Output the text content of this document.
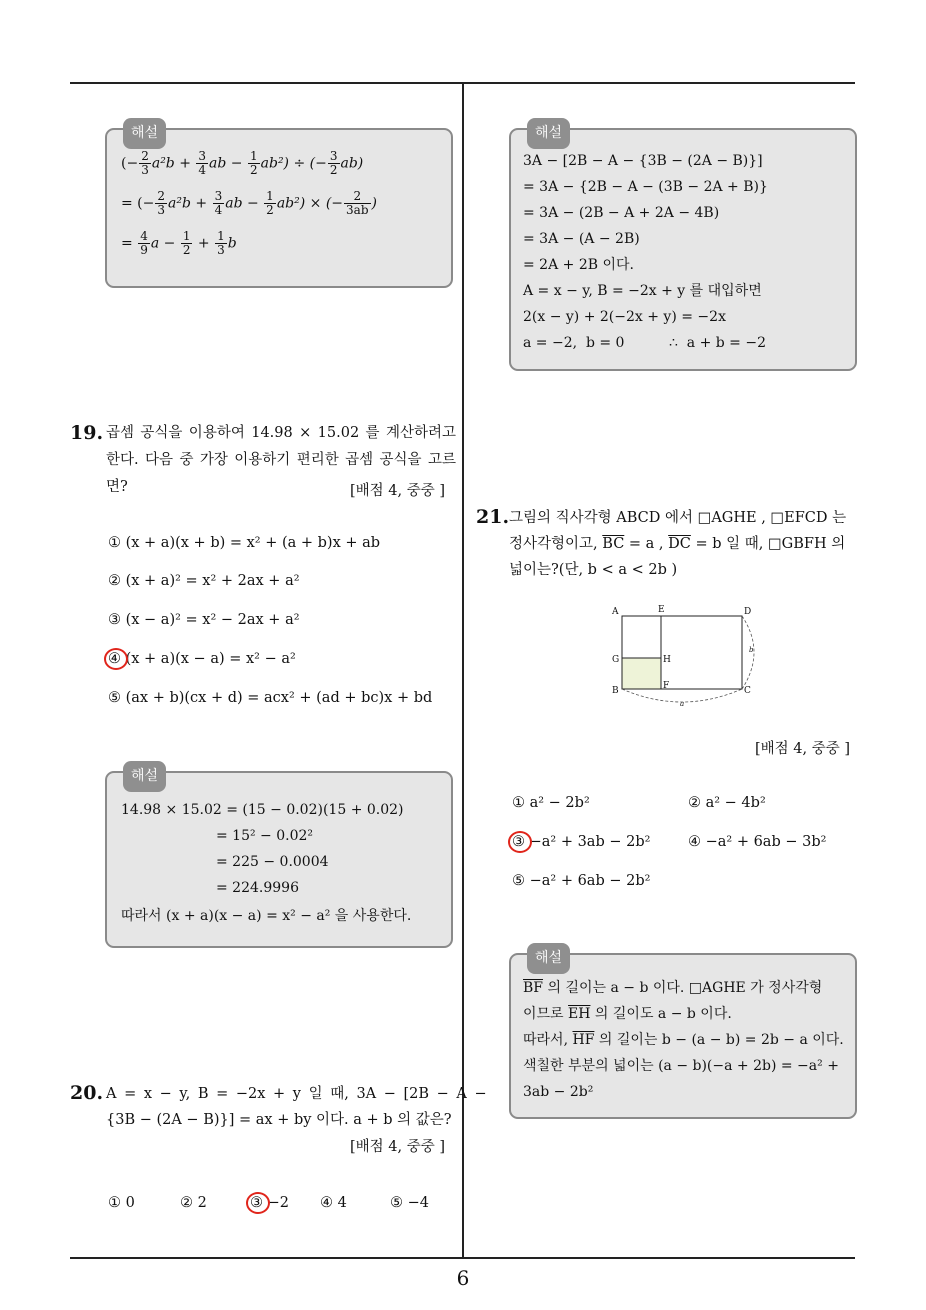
해설
(− $\frac{2}{3} a^2b + \frac{3}{4}$ ab − $\frac{1}{2} ab^2$) ÷ (− $\frac{3}{2} ab$)
= (− $\frac{2}{3} a^2b + \frac{3}{4}$ ab − $\frac{1}{2} ab^2$) × (− $\frac{2}{3ab}$ )
= $\frac{4}{9}$ $a - \frac{1}{2} + \frac{1}{3}$ b
해설
3A − [2B − A − {3B − (2A − B)}]
= 3A − {2B − A − (3B − 2A + B)}
= 3A − (2B − A + 2A − 4B)
= 3A − (A − 2B)
= 2A + 2B 이다.
A = x − y, B = −2x + y 를 대입하면
2(x − y) + 2(−2x + y) = −2x
a = −2,  b = 0          ∴  a + b = −2
19. 곱셈 공식을 이용하여 14.98 × 15.02 를 계산하려고 한다. 다음 중 가장 이용하기 편리한 곱셈 공식을 고르면?	[배점 4, 중중 ]
① (x + a)(x + b) = x² + (a + b)x + ab
② (x + a)² = x² + 2ax + a²
③ (x − a)² = x² − 2ax + a²
④ (x + a)(x − a) = x² − a²
⑤ (ax + b)(cx + d) = acx² + (ad + bc)x + bd
해설
14.98 × 15.02 = (15 − 0.02)(15 + 0.02)
= 15² − 0.02²
= 225 − 0.0004
= 224.9996
따라서 (x + a)(x − a) = x² − a² 을 사용한다.
20. A = x − y, B = −2x + y 일 때, 3A − [2B − A −
{3B − (2A − B)}] = ax + by 이다. a + b 의 값은?
[배점 4, 중중 ]
① 0	② 2	③ −2 ④ 4	⑤ −4
21. 그림의 직사각형 ABCD 에서 □AGHE , □EFCD 는
정사각형이고, $\overline{BC} = a$ , $\overline{DC} = b$ 일 때, □GBFH 의
넓이는?(단, b < a < 2b )
A	E	D
G	H
B	F	C
b
a
[배점 4, 중중 ]
① a² − 2b²	② a² − 4b²
③ −a² + 3ab − 2b²	④ −a² + 6ab − 3b²
⑤ −a² + 6ab − 2b²
해설
$\overline{BF}$ 의 길이는 a − b 이다. □AGHE 가 정사각형
이므로 $\overline{EH}$ 의 길이도 a − b 이다.
따라서, $\overline{HF}$ 의 길이는 b − (a − b) = 2b − a 이다.
색칠한 부분의 넓이는 (a − b)(−a + 2b) = −a² +
3ab − 2b²
6
